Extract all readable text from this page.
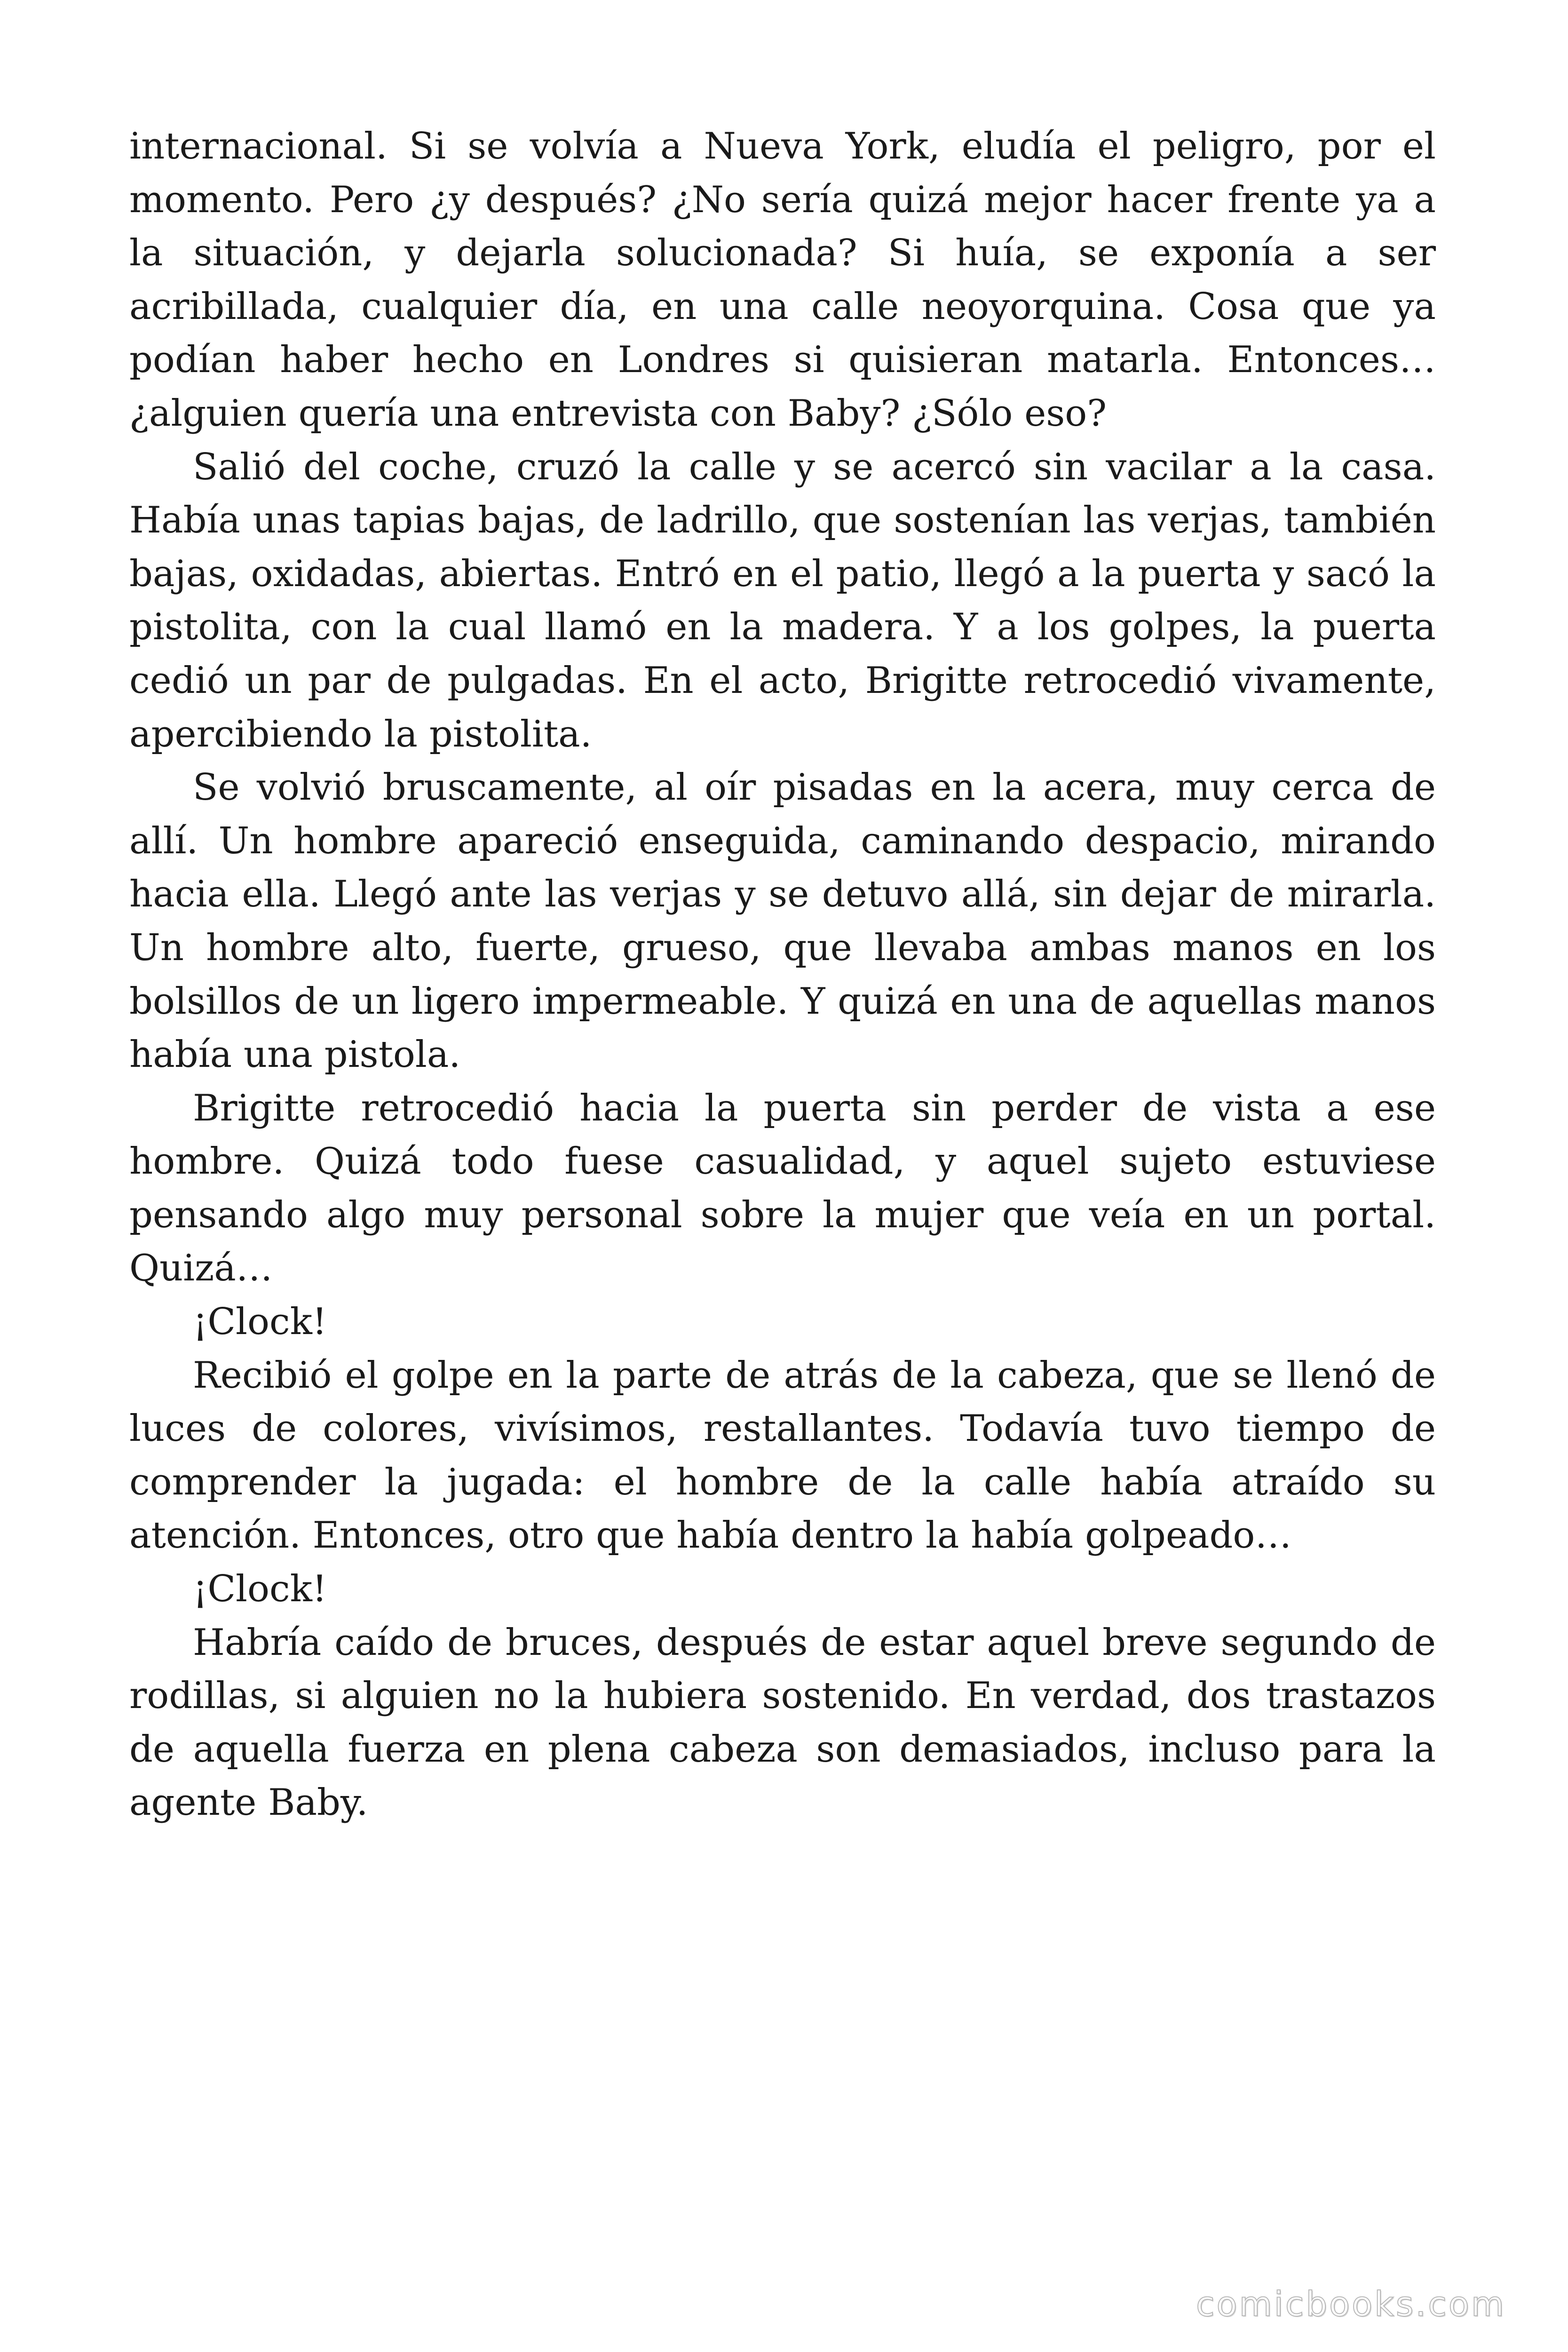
internacional. Si se volvía a Nueva York, eludía el peligro, por el momento. Pero ¿y después? ¿No sería quizá mejor hacer frente ya a la situación, y dejarla solucionada? Si huía, se exponía a ser acribillada, cualquier día, en una calle neoyorquina. Cosa que ya podían haber hecho en Londres si quisieran matarla. Entonces… ¿alguien quería una entrevista con Baby? ¿Sólo eso?

Salió del coche, cruzó la calle y se acercó sin vacilar a la casa. Había unas tapias bajas, de ladrillo, que sostenían las verjas, también bajas, oxidadas, abiertas. Entró en el patio, llegó a la puerta y sacó la pistolita, con la cual llamó en la madera. Y a los golpes, la puerta cedió un par de pulgadas. En el acto, Brigitte retrocedió vivamente, apercibiendo la pistolita.

Se volvió bruscamente, al oír pisadas en la acera, muy cerca de allí. Un hombre apareció enseguida, caminando despacio, mirando hacia ella. Llegó ante las verjas y se detuvo allá, sin dejar de mirarla. Un hombre alto, fuerte, grueso, que llevaba ambas manos en los bolsillos de un ligero impermeable. Y quizá en una de aquellas manos había una pistola.

Brigitte retrocedió hacia la puerta sin perder de vista a ese hombre. Quizá todo fuese casualidad, y aquel sujeto estuviese pensando algo muy personal sobre la mujer que veía en un portal. Quizá…

¡Clock!

Recibió el golpe en la parte de atrás de la cabeza, que se llenó de luces de colores, vivísimos, restallantes. Todavía tuvo tiempo de comprender la jugada: el hombre de la calle había atraído su atención. Entonces, otro que había dentro la había golpeado…

¡Clock!

Habría caído de bruces, después de estar aquel breve segundo de rodillas, si alguien no la hubiera sostenido. En verdad, dos trastazos de aquella fuerza en plena cabeza son demasiados, incluso para la agente Baby.

comicbooks.com
